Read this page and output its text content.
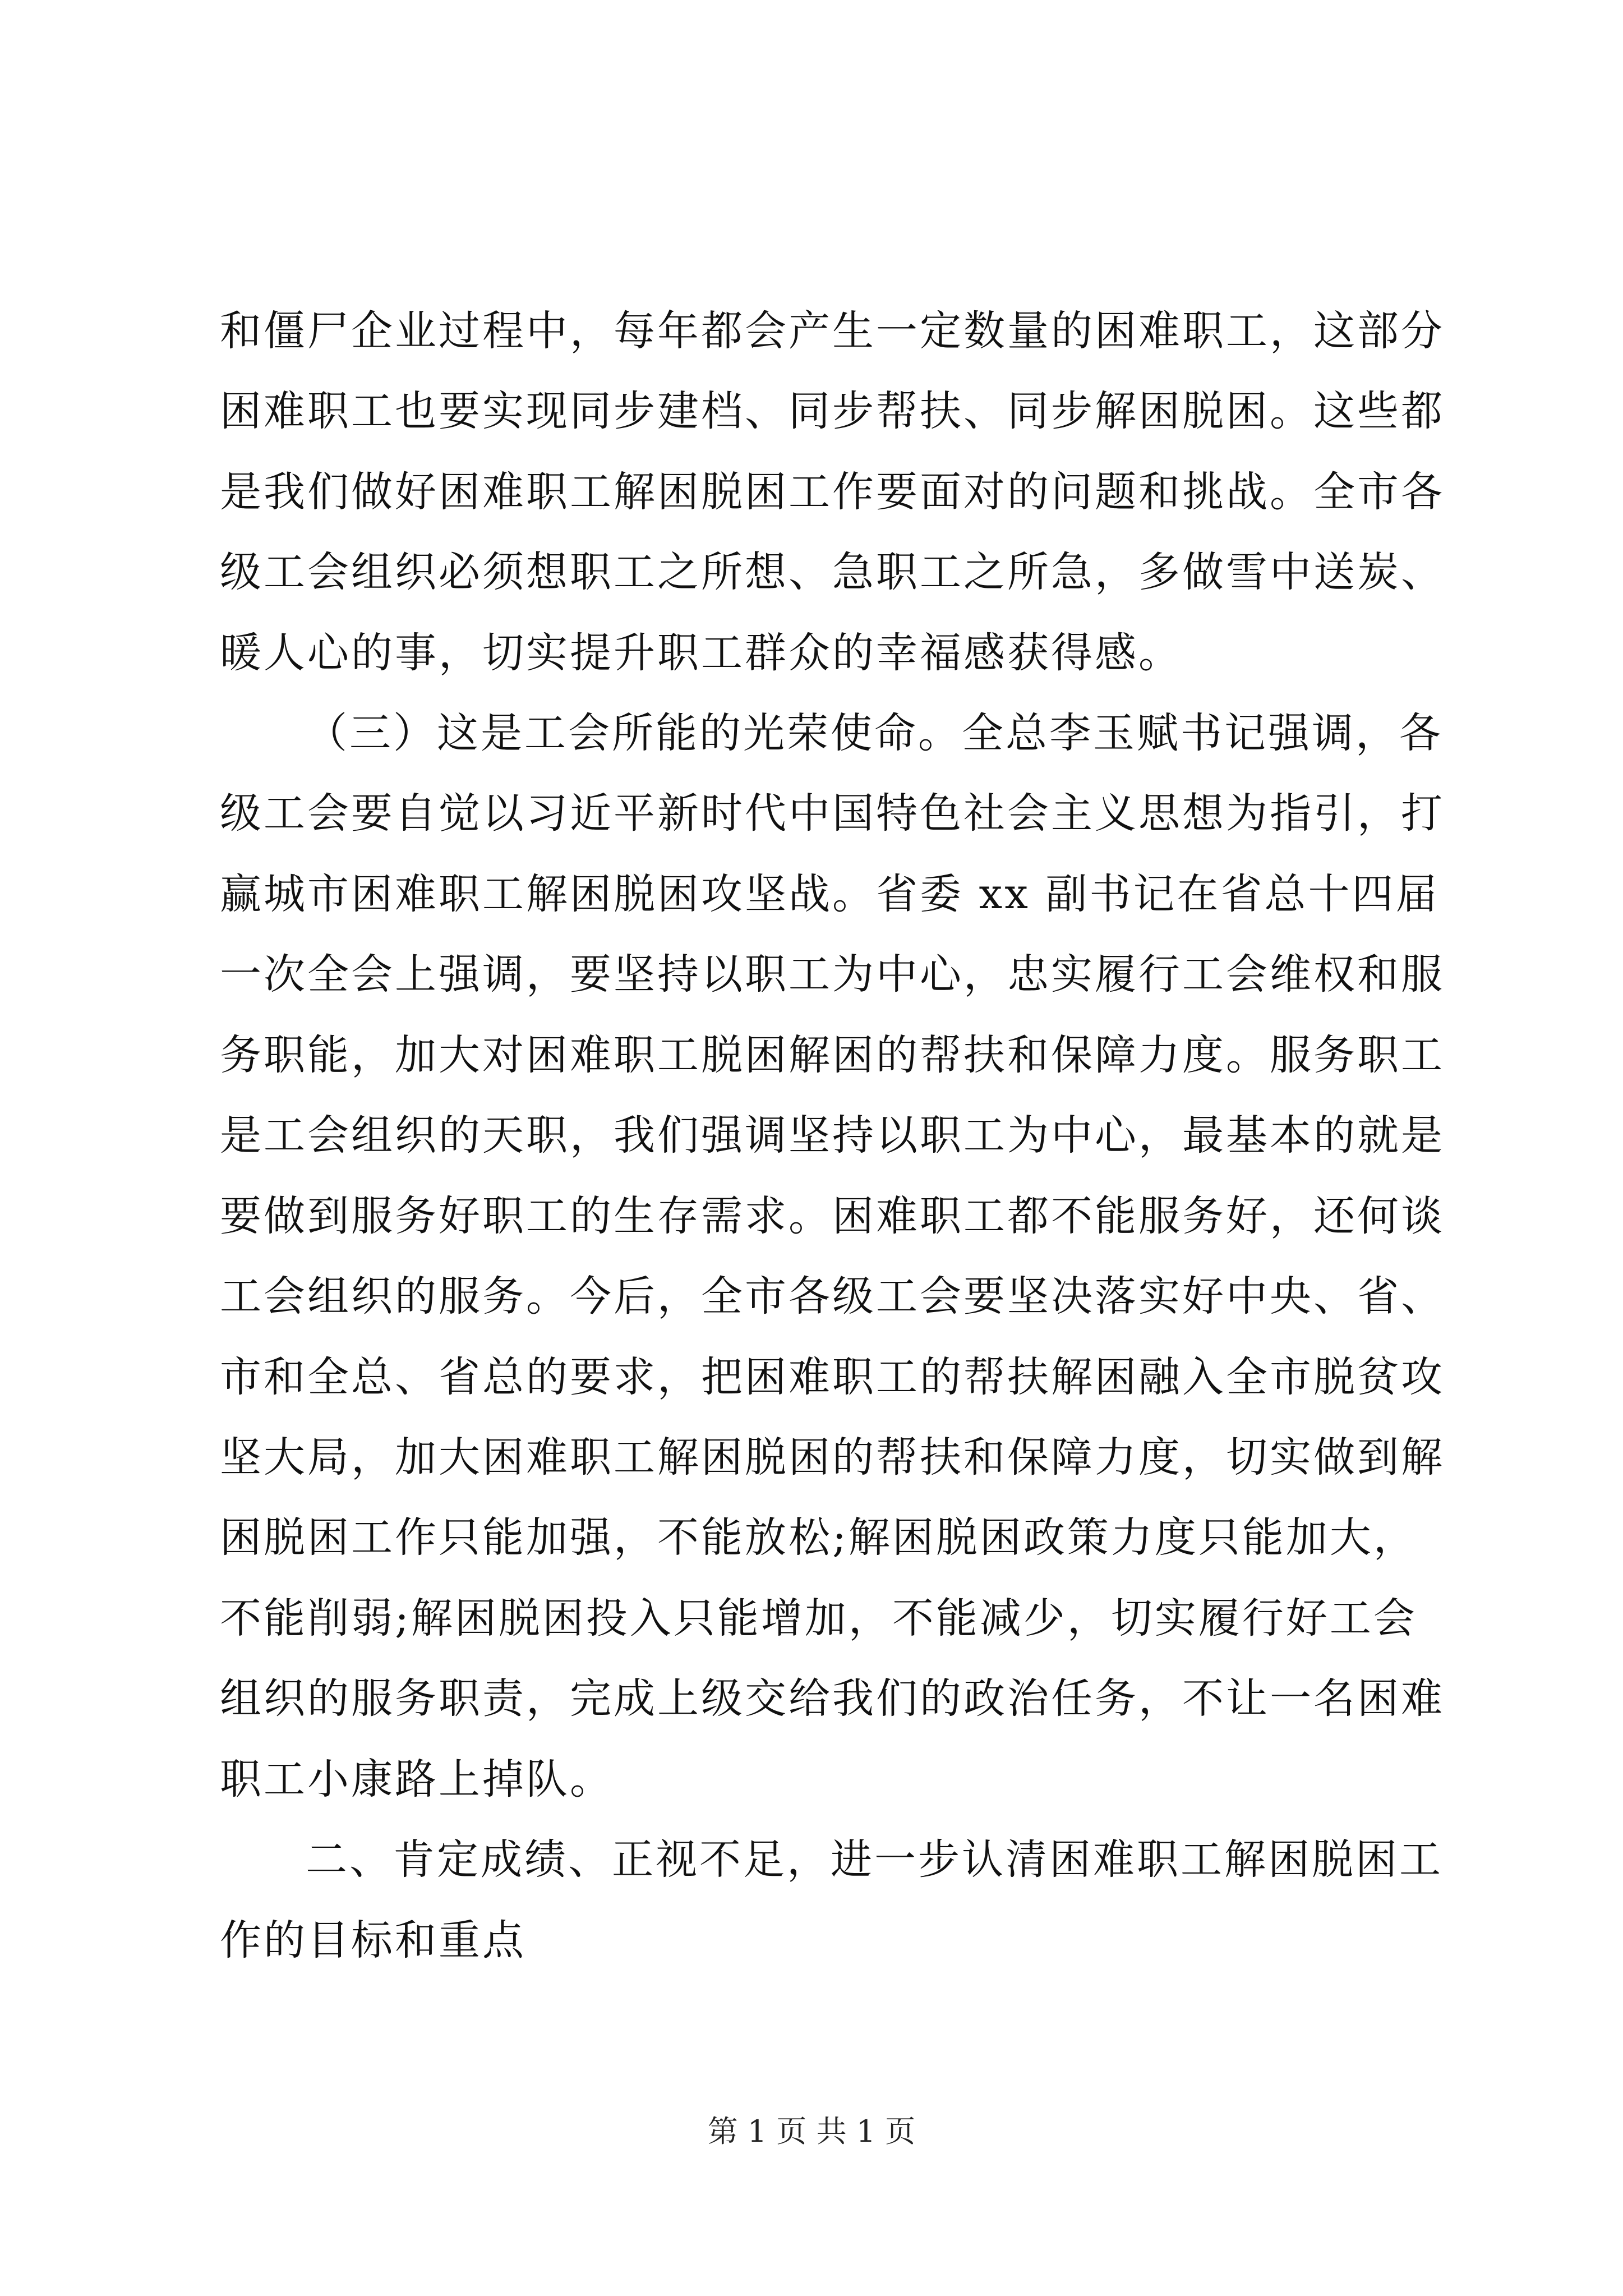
和僵尸企业过程中，每年都会产生一定数量的困难职工，这部分
困难职工也要实现同步建档、同步帮扶、同步解困脱困。这些都
是我们做好困难职工解困脱困工作要面对的问题和挑战。全市各
级工会组织必须想职工之所想、急职工之所急，多做雪中送炭、
暖人心的事，切实提升职工群众的幸福感获得感。
（三）这是工会所能的光荣使命。全总李玉赋书记强调，各
级工会要自觉以习近平新时代中国特色社会主义思想为指引，打
赢城市困难职工解困脱困攻坚战。省委 xx 副书记在省总十四届
一次全会上强调，要坚持以职工为中心，忠实履行工会维权和服
务职能，加大对困难职工脱困解困的帮扶和保障力度。服务职工
是工会组织的天职，我们强调坚持以职工为中心，最基本的就是
要做到服务好职工的生存需求。困难职工都不能服务好，还何谈
工会组织的服务。今后，全市各级工会要坚决落实好中央、省、
市和全总、省总的要求，把困难职工的帮扶解困融入全市脱贫攻
坚大局，加大困难职工解困脱困的帮扶和保障力度，切实做到解
困脱困工作只能加强，不能放松;解困脱困政策力度只能加大，
不能削弱;解困脱困投入只能增加，不能减少，切实履行好工会
组织的服务职责，完成上级交给我们的政治任务，不让一名困难
职工小康路上掉队。
二、肯定成绩、正视不足，进一步认清困难职工解困脱困工
作的目标和重点
第 1 页 共 1 页
